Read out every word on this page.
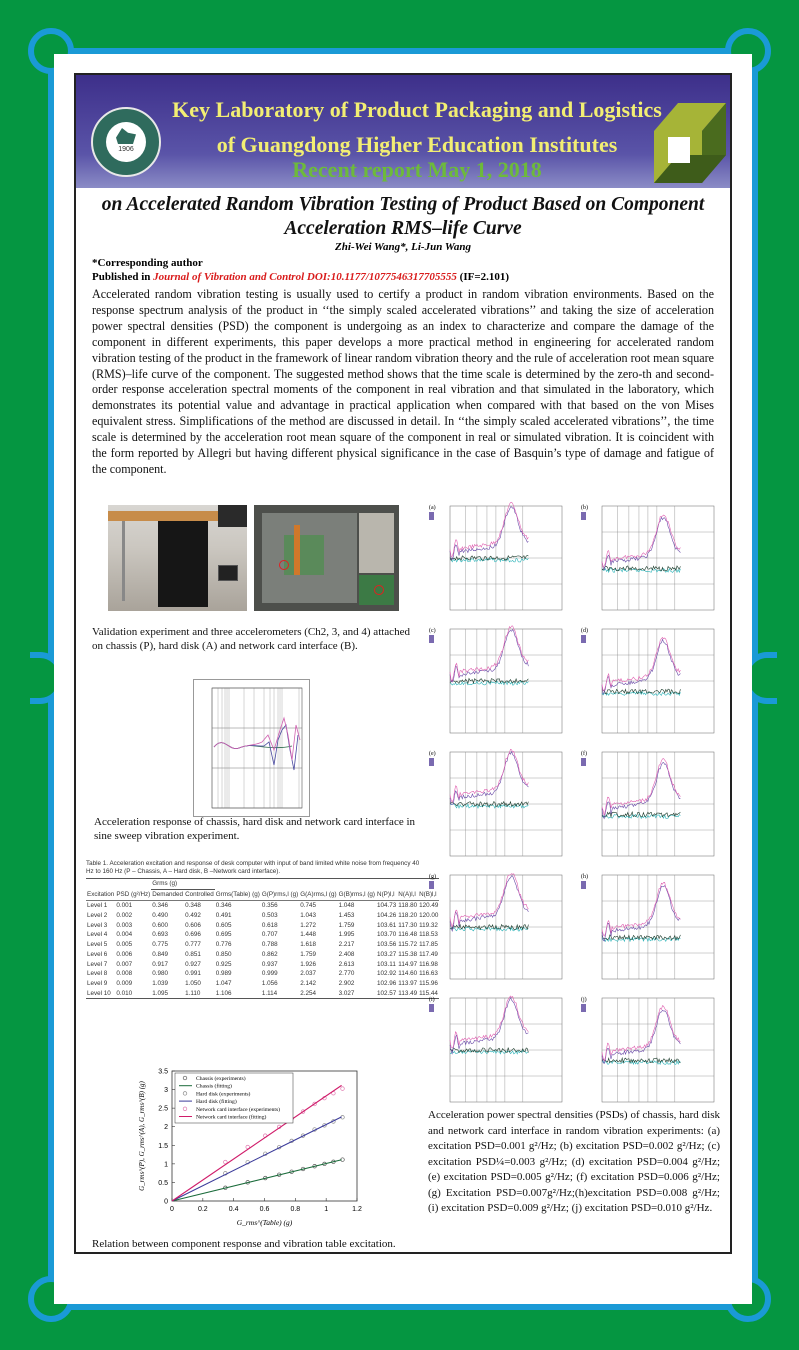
1906
Key Laboratory of Product Packaging and Logistics
of Guangdong Higher Education Institutes
Recent report May 1, 2018
on Accelerated Random Vibration Testing of Product Based on Component
Acceleration RMS–life Curve
Zhi-Wei Wang*, Li-Jun Wang
*Corresponding author
Published in Journal of Vibration and Control DOI:10.1177/1077546317705555 (IF=2.101)
Accelerated random vibration testing is usually used to certify a product in random vibration environments. Based on the response spectrum analysis of the product in ‘‘the simply scaled accelerated vibrations’’ and taking the size of acceleration power spectral densities (PSD) the component is undergoing as an index to characterize and compare the damage of the component in different experiments, this paper develops a more practical method in engineering for accelerated random vibration testing of the product in the framework of linear random vibration theory and the rule of acceleration root mean square (RMS)–life curve of the component. The suggested method shows that the time scale is determined by the zero-th and second-order response acceleration spectral moments of the component in real vibration and that simulated in the laboratory, which demonstrates its potential value and advantage in practical application when compared with that based on the von Mises equivalent stress. Simplifications of the method are discussed in detail. In ‘‘the simply scaled accelerated vibrations’’, the time scale is determined by the acceleration root mean square of the component in real or simulated vibration. It is coincident with the form reported by Allegri but having different physical significance in the case of Basquin’s type of damage and fatigue of the component.
Validation experiment and three accelerometers (Ch2, 3, and 4) attached on chassis (P), hard disk (A) and network card interface (B).
Acceleration response of chassis, hard disk and network card interface in sine sweep vibration experiment.
Table 1. Acceleration excitation and response of desk computer with input of band limited white noise from frequency 40 Hz to 160 Hz (P – Chassis, A – Hard disk, B –Network card interface).
		Grms (g)								
Excitation	PSD (g²/Hz)	Demanded	Controlled	Grms(Table) (g)	G(P)rms,l (g)	G(A)rms,l (g)	G(B)rms,l (g)	N(P)l,l	N(A)l,l	N(B)l,l
Level 1	0.001	0.346	0.348	0.346	0.356	0.745	1.048	104.73	118.80	120.49
Level 2	0.002	0.490	0.492	0.491	0.503	1.043	1.453	104.26	118.20	120.00
Level 3	0.003	0.600	0.606	0.605	0.618	1.272	1.759	103.61	117.30	119.32
Level 4	0.004	0.693	0.696	0.695	0.707	1.448	1.995	103.70	116.48	118.53
Level 5	0.005	0.775	0.777	0.776	0.788	1.618	2.217	103.56	115.72	117.85
Level 6	0.006	0.849	0.851	0.850	0.862	1.759	2.408	103.27	115.38	117.49
Level 7	0.007	0.917	0.927	0.925	0.937	1.926	2.613	103.11	114.97	116.98
Level 8	0.008	0.980	0.991	0.989	0.999	2.037	2.770	102.92	114.60	116.63
Level 9	0.009	1.039	1.050	1.047	1.056	2.142	2.902	102.96	113.97	115.96
Level 10	0.010	1.095	1.110	1.106	1.114	2.254	3.027	102.57	113.49	115.44
0	0.2	0.4	0.6	0.8	1	1.2
0
0.5
1
1.5
2
2.5
3
3.5
G_rms^(Table) (g)
G_rms^(P), G_rms^(A), G_rms^(B) (g)
Chassis (experiments)
Chassis (fitting)
Hard disk (experiments)
Hard disk (fitting)
Network card interface (experiments)
Network card interface (fitting)
Relation between component response and vibration table excitation.
(a)	(b)
(c)	(d)
(e)	(f)
(g)	(h)
(i)	(j)
Acceleration power spectral densities (PSDs) of chassis, hard disk and network card interface in random vibration experiments: (a) excitation PSD=0.001 g²/Hz; (b) excitation PSD=0.002 g²/Hz; (c) excitation PSD¼=0.003 g²/Hz; (d) excitation PSD=0.004 g²/Hz; (e) excitation PSD=0.005 g²/Hz; (f) excitation PSD=0.006 g²/Hz; (g) Excitation PSD=0.007g²/Hz;(h)excitation PSD=0.008 g²/Hz; (i) excitation PSD=0.009 g²/Hz; (j) excitation PSD=0.010 g²/Hz.
